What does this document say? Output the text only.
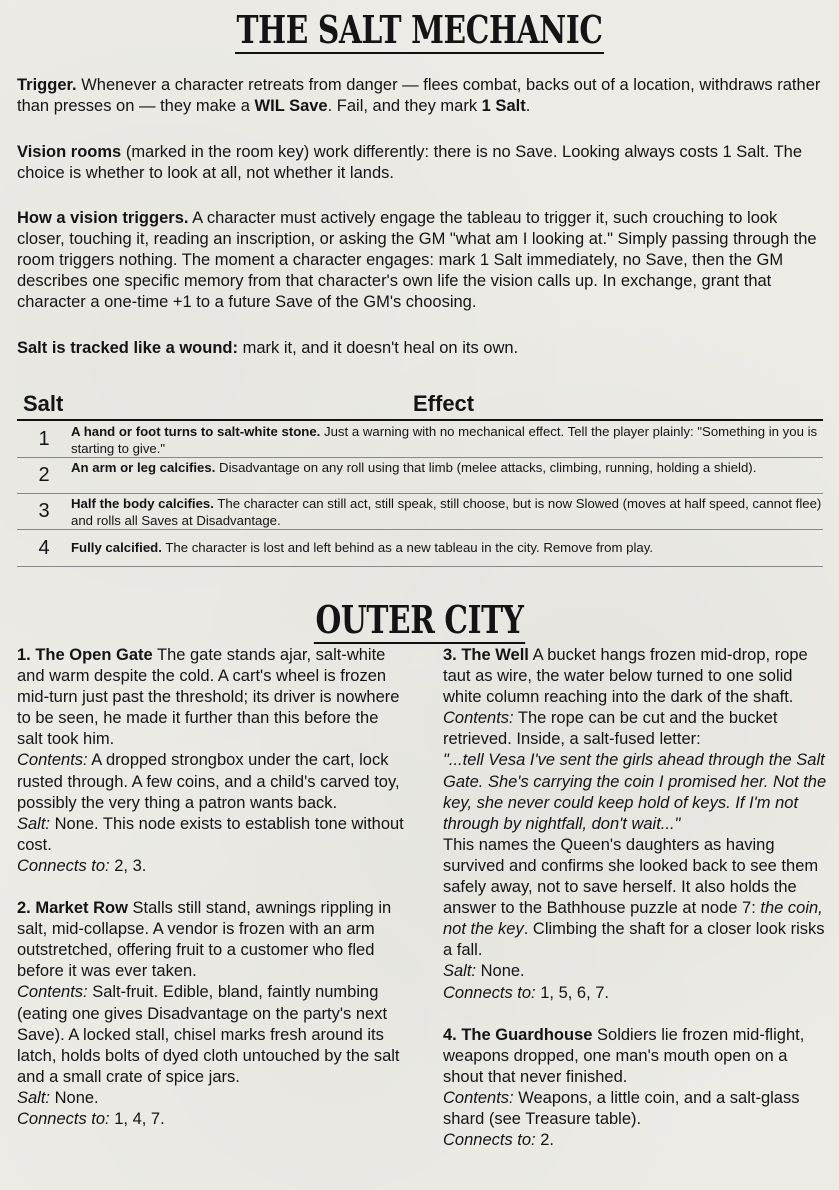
THE SALT MECHANIC

Trigger. Whenever a character retreats from danger — flees combat, backs out of a location, withdraws rather than presses on — they make a WIL Save. Fail, and they mark 1 Salt.

Vision rooms (marked in the room key) work differently: there is no Save. Looking always costs 1 Salt. The choice is whether to look at all, not whether it lands.

How a vision triggers. A character must actively engage the tableau to trigger it, such crouching to look closer, touching it, reading an inscription, or asking the GM "what am I looking at." Simply passing through the room triggers nothing. The moment a character engages: mark 1 Salt immediately, no Save, then the GM describes one specific memory from that character's own life the vision calls up. In exchange, grant that character a one-time +1 to a future Save of the GM's choosing.

Salt is tracked like a wound: mark it, and it doesn't heal on its own.

Salt	Effect
1	A hand or foot turns to salt-white stone. Just a warning with no mechanical effect. Tell the player plainly: "Something in you is starting to give."
2	An arm or leg calcifies. Disadvantage on any roll using that limb (melee attacks, climbing, running, holding a shield).
3	Half the body calcifies. The character can still act, still speak, still choose, but is now Slowed (moves at half speed, cannot flee) and rolls all Saves at Disadvantage.
4	Fully calcified. The character is lost and left behind as a new tableau in the city. Remove from play.
OUTER CITY
1. The Open Gate The gate stands ajar, salt-white and warm despite the cold. A cart's wheel is frozen mid-turn just past the threshold; its driver is nowhere to be seen, he made it further than this before the salt took him.
Contents: A dropped strongbox under the cart, lock rusted through. A few coins, and a child's carved toy, possibly the very thing a patron wants back.
Salt: None. This node exists to establish tone without cost.
Connects to: 2, 3.
2. Market Row Stalls still stand, awnings rippling in salt, mid-collapse. A vendor is frozen with an arm outstretched, offering fruit to a customer who fled before it was ever taken.
Contents: Salt-fruit. Edible, bland, faintly numbing (eating one gives Disadvantage on the party's next Save). A locked stall, chisel marks fresh around its latch, holds bolts of dyed cloth untouched by the salt and a small crate of spice jars.
Salt: None.
Connects to: 1, 4, 7.
3. The Well A bucket hangs frozen mid-drop, rope taut as wire, the water below turned to one solid white column reaching into the dark of the shaft.
Contents: The rope can be cut and the bucket retrieved. Inside, a salt-fused letter:
"...tell Vesa I've sent the girls ahead through the Salt Gate. She's carrying the coin I promised her. Not the key, she never could keep hold of keys. If I'm not through by nightfall, don't wait..."
This names the Queen's daughters as having survived and confirms she looked back to see them safely away, not to save herself. It also holds the answer to the Bathhouse puzzle at node 7: the coin, not the key. Climbing the shaft for a closer look risks a fall.
Salt: None.
Connects to: 1, 5, 6, 7.
4. The Guardhouse Soldiers lie frozen mid-flight, weapons dropped, one man's mouth open on a shout that never finished.
Contents: Weapons, a little coin, and a salt-glass shard (see Treasure table).
Connects to: 2.
